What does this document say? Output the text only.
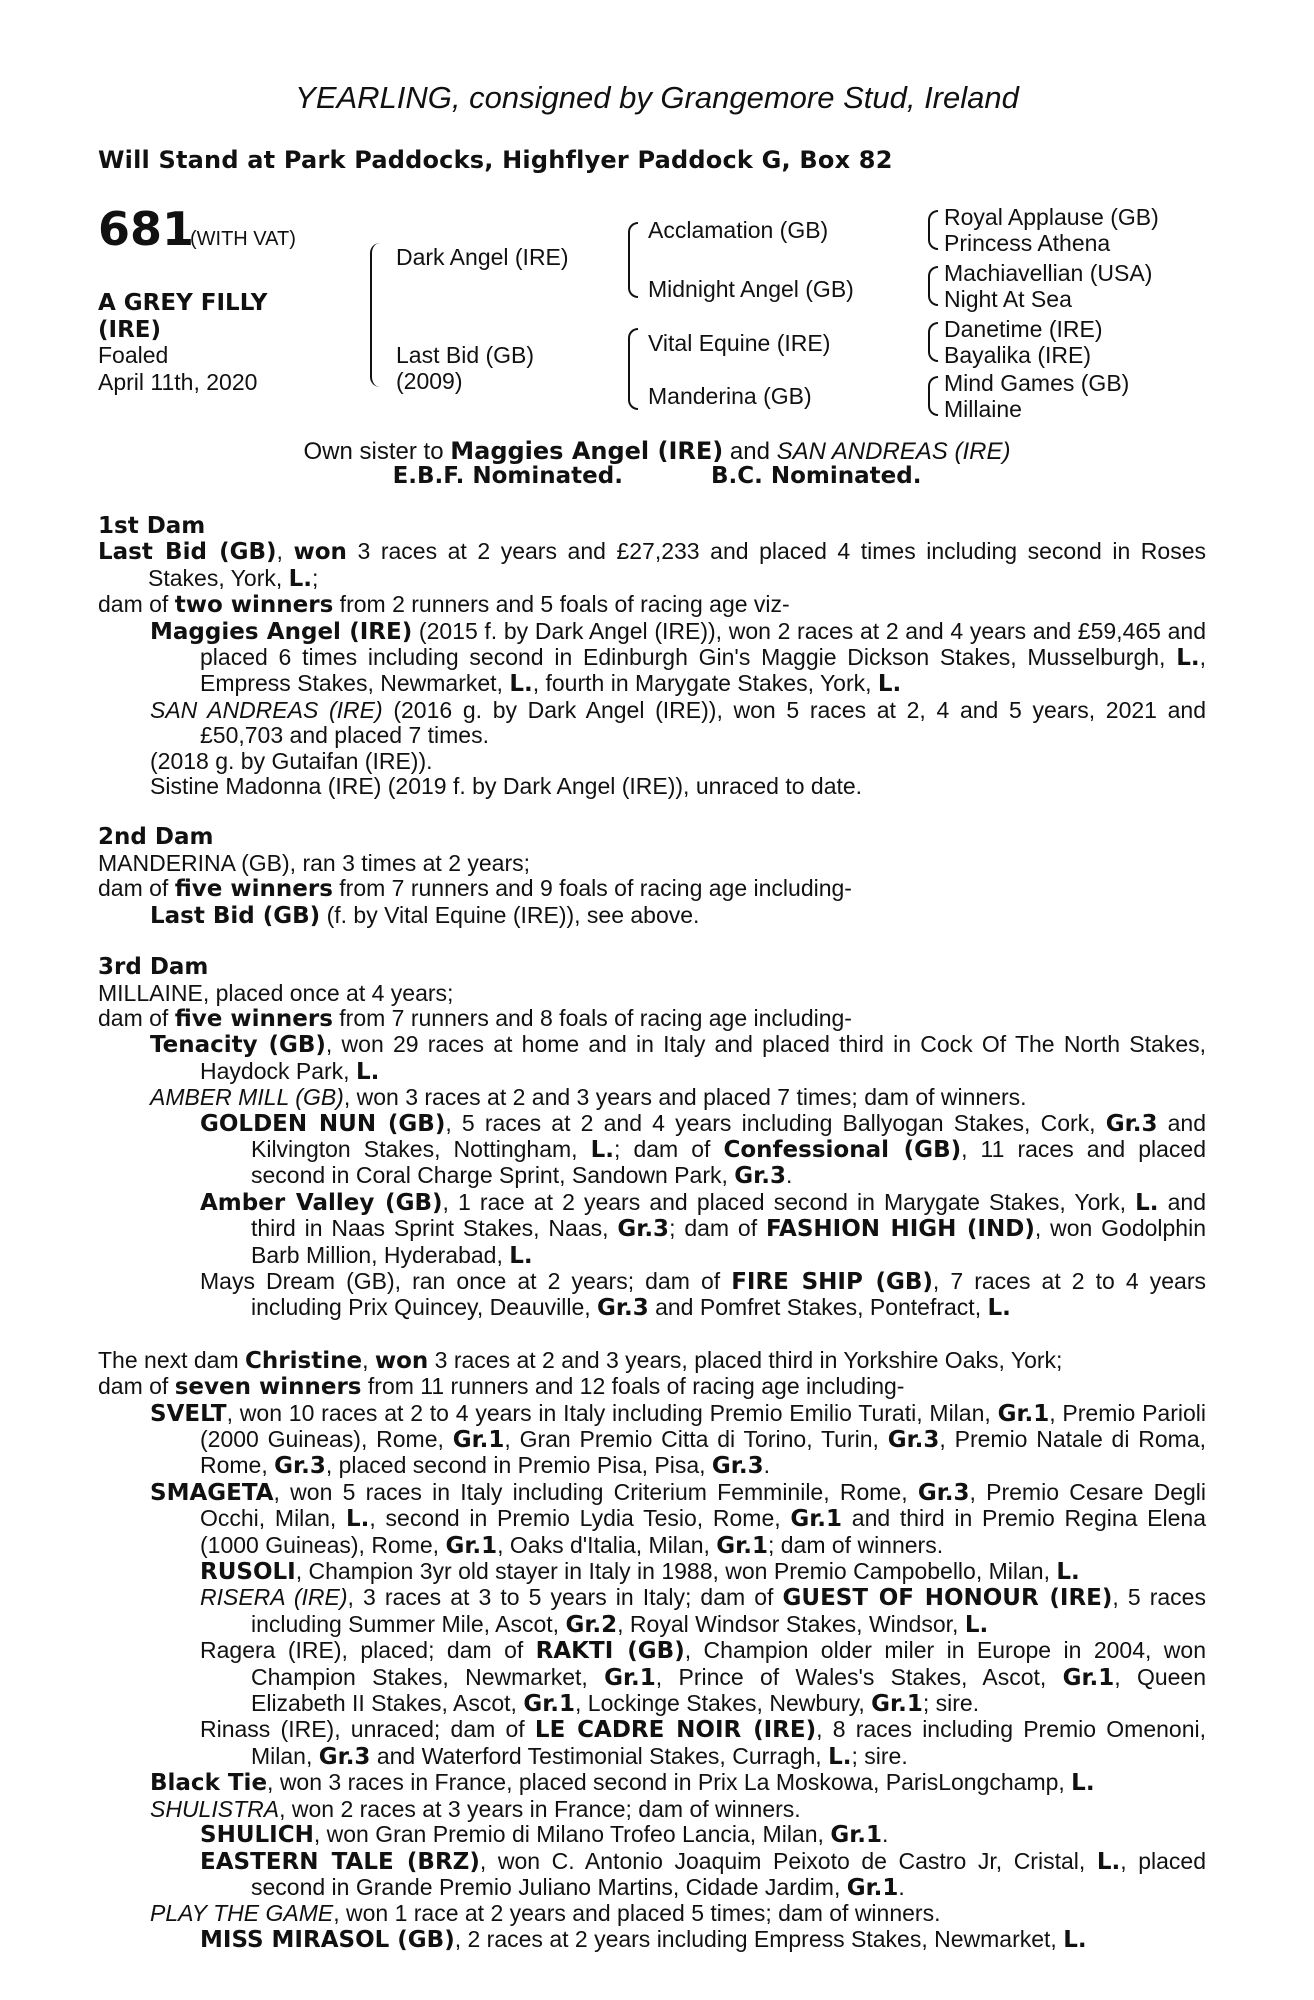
YEARLING, consigned by Grangemore Stud, Ireland
Will Stand at Park Paddocks, Highflyer Paddock G, Box 82
681
(WITH VAT)
A GREY FILLY
(IRE)
Foaled
April 11th, 2020
Dark Angel (IRE)
Last Bid (GB)
(2009)
Acclamation (GB)
Midnight Angel (GB)
Vital Equine (IRE)
Manderina (GB)
Royal Applause (GB)
Princess Athena
Machiavellian (USA)
Night At Sea
Danetime (IRE)
Bayalika (IRE)
Mind Games (GB)
Millaine
Own sister to Maggies Angel (IRE) and SAN ANDREAS (IRE)
E.B.F. Nominated.	B.C. Nominated.
1st Dam
Last Bid (GB), won 3 races at 2 years and £27,233 and placed 4 times including second in Roses Stakes, York, L.;
dam of two winners from 2 runners and 5 foals of racing age viz-
Maggies Angel (IRE) (2015 f. by Dark Angel (IRE)), won 2 races at 2 and 4 years and £59,465 and placed 6 times including second in Edinburgh Gin's Maggie Dickson Stakes, Musselburgh, L., Empress Stakes, Newmarket, L., fourth in Marygate Stakes, York, L.
SAN ANDREAS (IRE) (2016 g. by Dark Angel (IRE)), won 5 races at 2, 4 and 5 years, 2021 and £50,703 and placed 7 times.
(2018 g. by Gutaifan (IRE)).
Sistine Madonna (IRE) (2019 f. by Dark Angel (IRE)), unraced to date.
2nd Dam
MANDERINA (GB), ran 3 times at 2 years;
dam of five winners from 7 runners and 9 foals of racing age including-
Last Bid (GB) (f. by Vital Equine (IRE)), see above.
3rd Dam
MILLAINE, placed once at 4 years;
dam of five winners from 7 runners and 8 foals of racing age including-
Tenacity (GB), won 29 races at home and in Italy and placed third in Cock Of The North Stakes, Haydock Park, L.
AMBER MILL (GB), won 3 races at 2 and 3 years and placed 7 times; dam of winners.
GOLDEN NUN (GB), 5 races at 2 and 4 years including Ballyogan Stakes, Cork, Gr.3 and Kilvington Stakes, Nottingham, L.; dam of Confessional (GB), 11 races and placed second in Coral Charge Sprint, Sandown Park, Gr.3.
Amber Valley (GB), 1 race at 2 years and placed second in Marygate Stakes, York, L. and third in Naas Sprint Stakes, Naas, Gr.3; dam of FASHION HIGH (IND), won Godolphin Barb Million, Hyderabad, L.
Mays Dream (GB), ran once at 2 years; dam of FIRE SHIP (GB), 7 races at 2 to 4 years including Prix Quincey, Deauville, Gr.3 and Pomfret Stakes, Pontefract, L.
The next dam Christine, won 3 races at 2 and 3 years, placed third in Yorkshire Oaks, York;
dam of seven winners from 11 runners and 12 foals of racing age including-
SVELT, won 10 races at 2 to 4 years in Italy including Premio Emilio Turati, Milan, Gr.1, Premio Parioli (2000 Guineas), Rome, Gr.1, Gran Premio Citta di Torino, Turin, Gr.3, Premio Natale di Roma, Rome, Gr.3, placed second in Premio Pisa, Pisa, Gr.3.
SMAGETA, won 5 races in Italy including Criterium Femminile, Rome, Gr.3, Premio Cesare Degli Occhi, Milan, L., second in Premio Lydia Tesio, Rome, Gr.1 and third in Premio Regina Elena (1000 Guineas), Rome, Gr.1, Oaks d'Italia, Milan, Gr.1; dam of winners.
RUSOLI, Champion 3yr old stayer in Italy in 1988, won Premio Campobello, Milan, L.
RISERA (IRE), 3 races at 3 to 5 years in Italy; dam of GUEST OF HONOUR (IRE), 5 races including Summer Mile, Ascot, Gr.2, Royal Windsor Stakes, Windsor, L.
Ragera (IRE), placed; dam of RAKTI (GB), Champion older miler in Europe in 2004, won Champion Stakes, Newmarket, Gr.1, Prince of Wales's Stakes, Ascot, Gr.1, Queen Elizabeth II Stakes, Ascot, Gr.1, Lockinge Stakes, Newbury, Gr.1; sire.
Rinass (IRE), unraced; dam of LE CADRE NOIR (IRE), 8 races including Premio Omenoni, Milan, Gr.3 and Waterford Testimonial Stakes, Curragh, L.; sire.
Black Tie, won 3 races in France, placed second in Prix La Moskowa, ParisLongchamp, L.
SHULISTRA, won 2 races at 3 years in France; dam of winners.
SHULICH, won Gran Premio di Milano Trofeo Lancia, Milan, Gr.1.
EASTERN TALE (BRZ), won C. Antonio Joaquim Peixoto de Castro Jr, Cristal, L., placed second in Grande Premio Juliano Martins, Cidade Jardim, Gr.1.
PLAY THE GAME, won 1 race at 2 years and placed 5 times; dam of winners.
MISS MIRASOL (GB), 2 races at 2 years including Empress Stakes, Newmarket, L.
